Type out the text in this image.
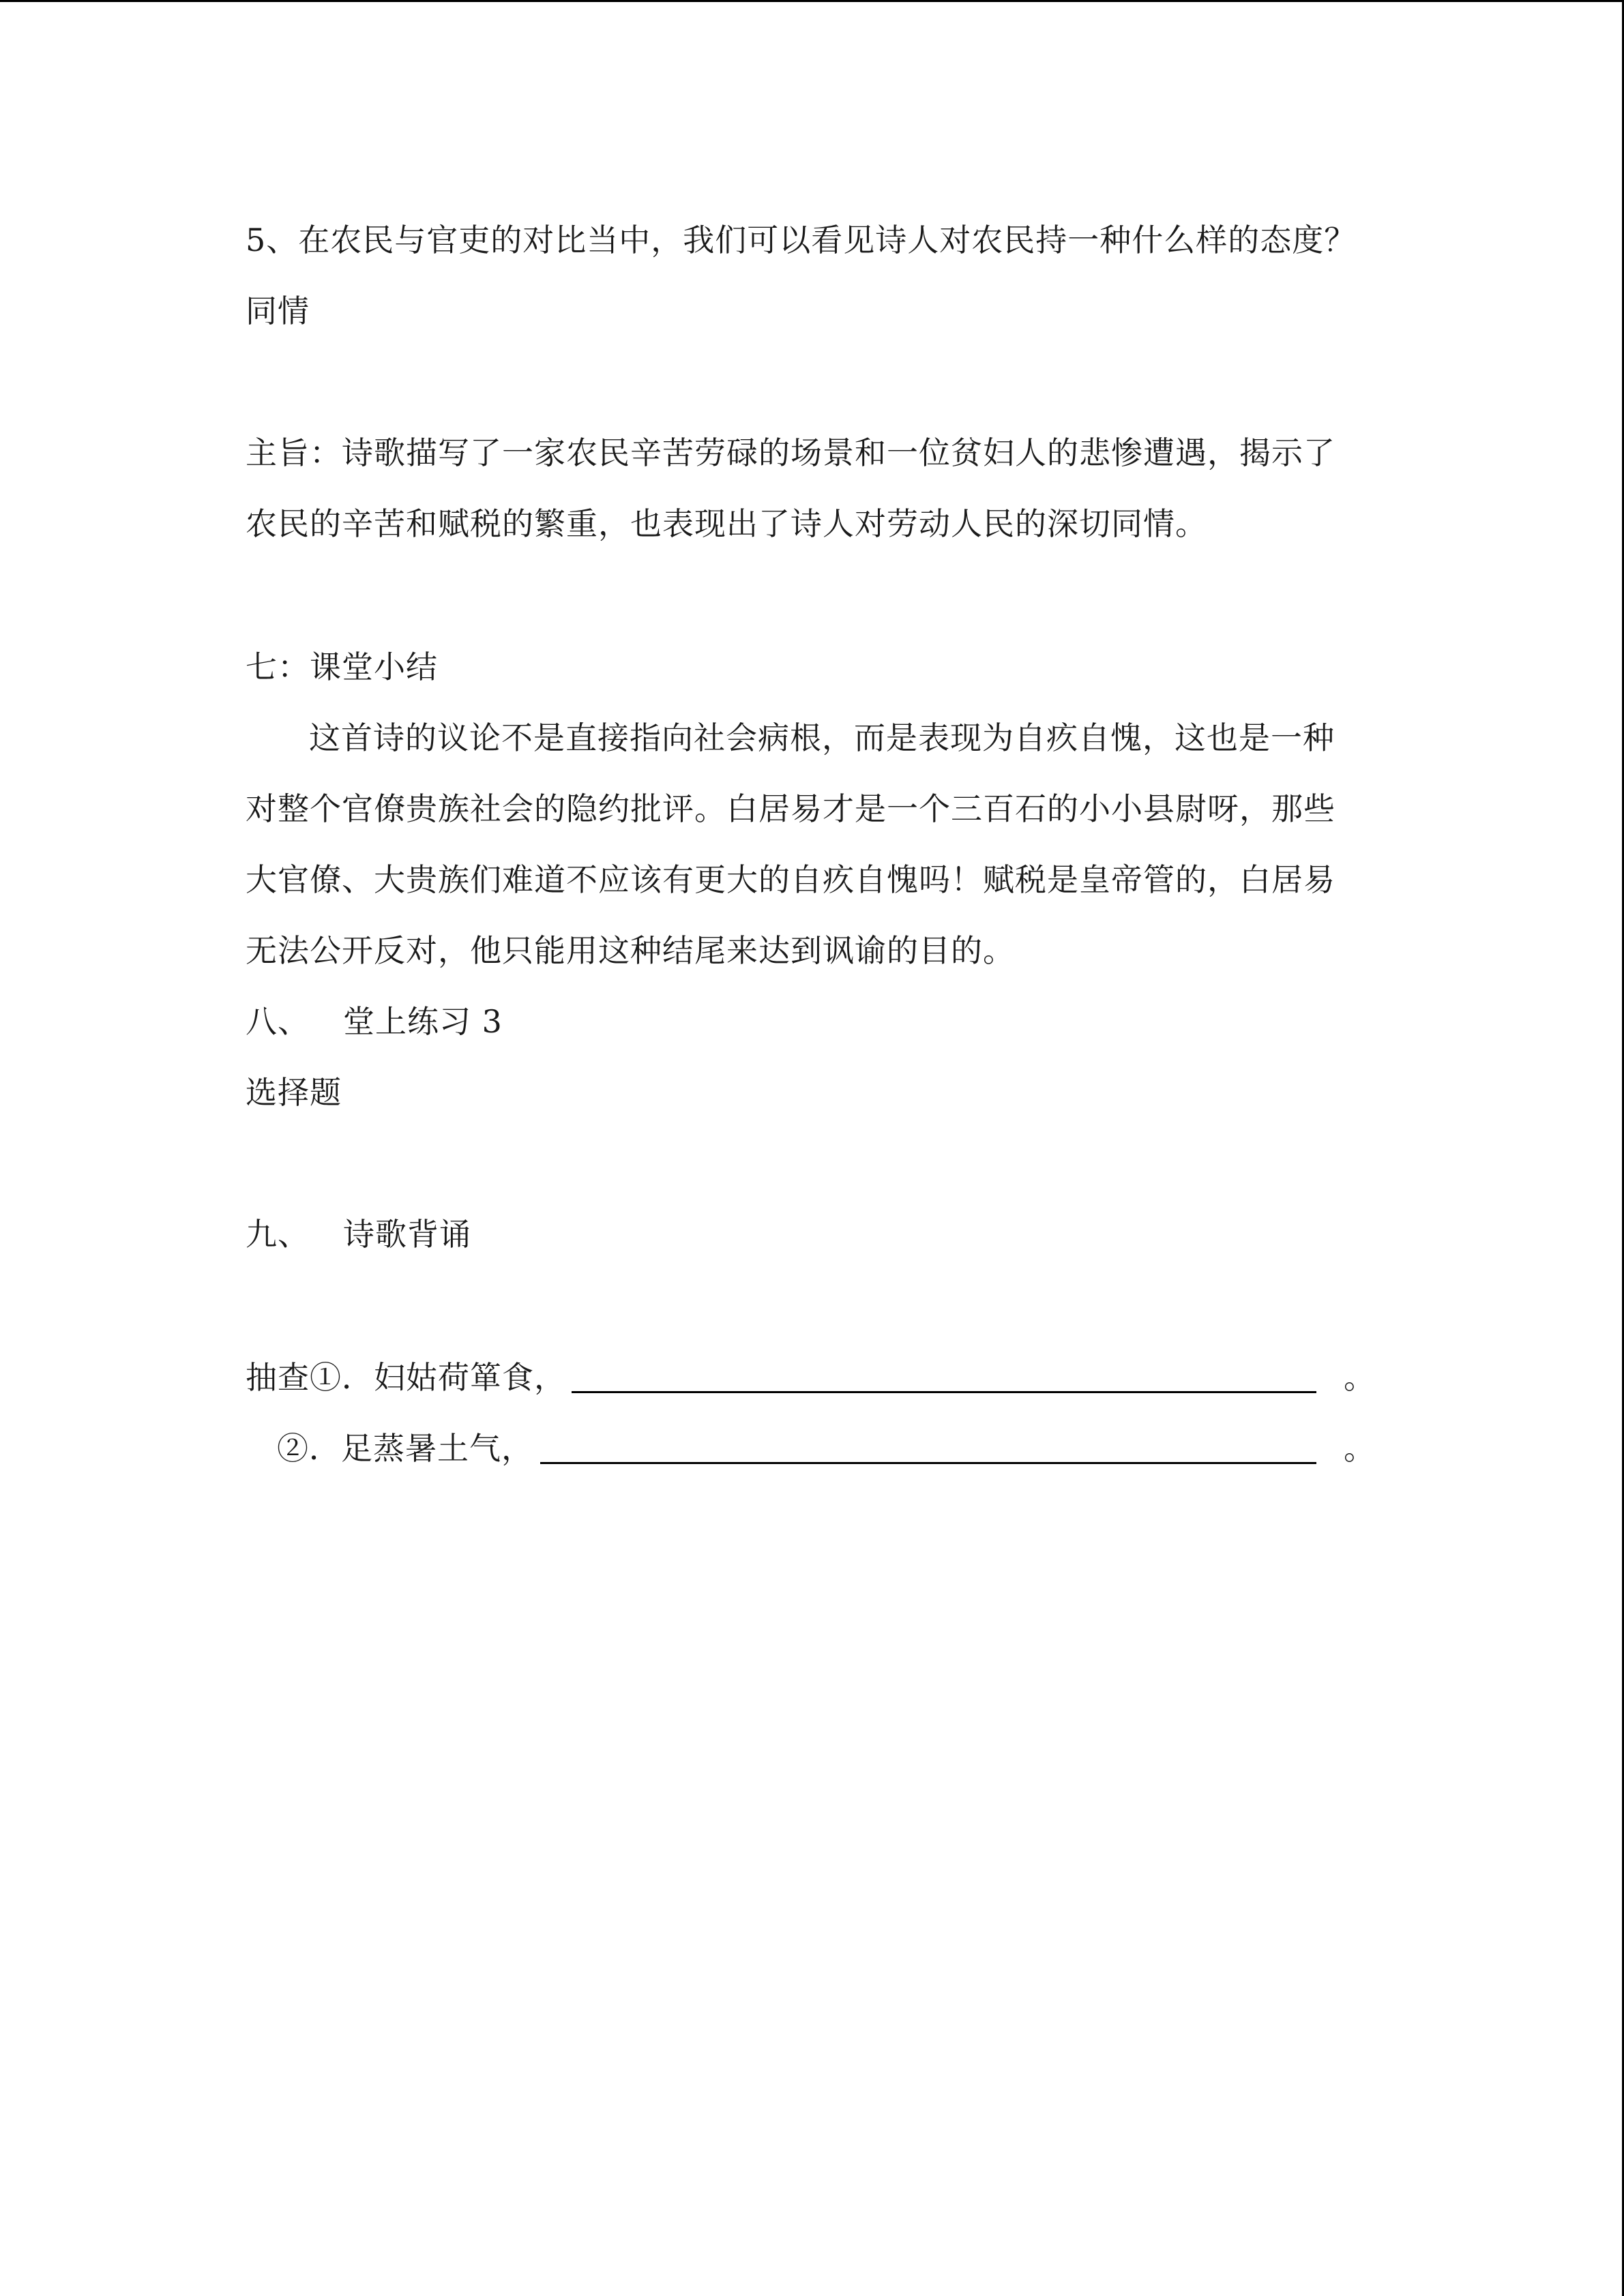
5、在农民与官吏的对比当中，我们可以看见诗人对农民持一种什么样的态度？
同情
主旨：诗歌描写了一家农民辛苦劳碌的场景和一位贫妇人的悲惨遭遇，揭示了
农民的辛苦和赋税的繁重，也表现出了诗人对劳动人民的深切同情。
七：课堂小结
这首诗的议论不是直接指向社会病根，而是表现为自疚自愧，这也是一种
对整个官僚贵族社会的隐约批评。白居易才是一个三百石的小小县尉呀，那些
大官僚、大贵族们难道不应该有更大的自疚自愧吗！赋税是皇帝管的，白居易
无法公开反对，他只能用这种结尾来达到讽谕的目的。
八、 堂上练习 3
选择题
九、 诗歌背诵
抽查①．妇姑荷箪食，	。
②．足蒸暑土气，	。
